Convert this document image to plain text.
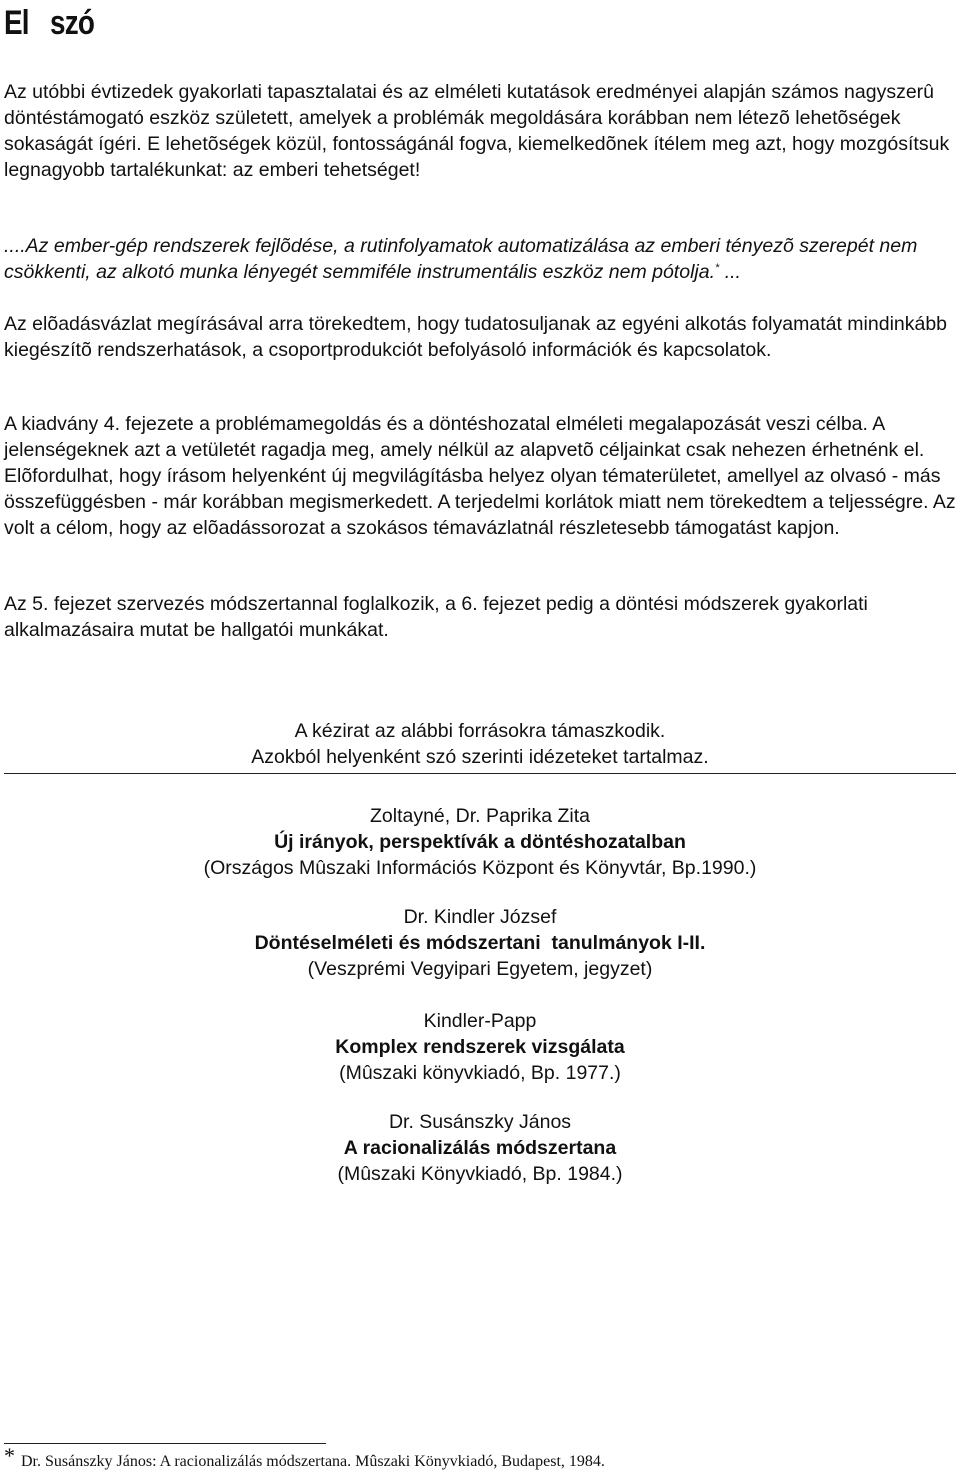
El szó

Az utóbbi évtizedek gyakorlati tapasztalatai és az elméleti kutatások eredményei alapján számos nagyszerû döntéstámogató eszköz született, amelyek a problémák megoldására korábban nem létezõ lehetõségek sokaságát ígéri. E lehetõségek közül, fontosságánál fogva, kiemelkedõnek ítélem meg azt, hogy mozgósítsuk legnagyobb tartalékunkat: az emberi tehetséget!

....Az ember-gép rendszerek fejlõdése, a rutinfolyamatok automatizálása az emberi tényezõ szerepét nem csökkenti, az alkotó munka lényegét semmiféle instrumentális eszköz nem pótolja.* ...

Az elõadásvázlat megírásával arra törekedtem, hogy tudatosuljanak az egyéni alkotás folyamatát mindinkább kiegészítõ rendszerhatások, a csoportprodukciót befolyásoló információk és kapcsolatok.

A kiadvány 4. fejezete a problémamegoldás és a döntéshozatal elméleti megalapozását veszi célba. A jelenségeknek azt a vetületét ragadja meg, amely nélkül az alapvetõ céljainkat csak nehezen érhetnénk el. Elõfordulhat, hogy írásom helyenként új megvilágításba helyez olyan tématerületet, amellyel az olvasó - más összefüggésben - már korábban megismerkedett. A terjedelmi korlátok miatt nem törekedtem a teljességre. Az volt a célom, hogy az elõadássorozat a szokásos témavázlatnál részletesebb támogatást kapjon.

Az 5. fejezet szervezés módszertannal foglalkozik, a 6. fejezet pedig a döntési módszerek gyakorlati alkalmazásaira mutat be hallgatói munkákat.

A kézirat az alábbi forrásokra támaszkodik.
Azokból helyenként szó szerinti idézeteket tartalmaz.
Zoltayné, Dr. Paprika Zita
Új irányok, perspektívák a döntéshozatalban
(Országos Mûszaki Információs Központ és Könyvtár, Bp.1990.)
Dr. Kindler József
Döntéselméleti és módszertani  tanulmányok I-II.
(Veszprémi Vegyipari Egyetem, jegyzet)
Kindler-Papp
Komplex rendszerek vizsgálata
(Mûszaki könyvkiadó, Bp. 1977.)
Dr. Susánszky János
A racionalizálás módszertana
(Mûszaki Könyvkiadó, Bp. 1984.)
* Dr. Susánszky János: A racionalizálás módszertana. Mûszaki Könyvkiadó, Budapest, 1984.
